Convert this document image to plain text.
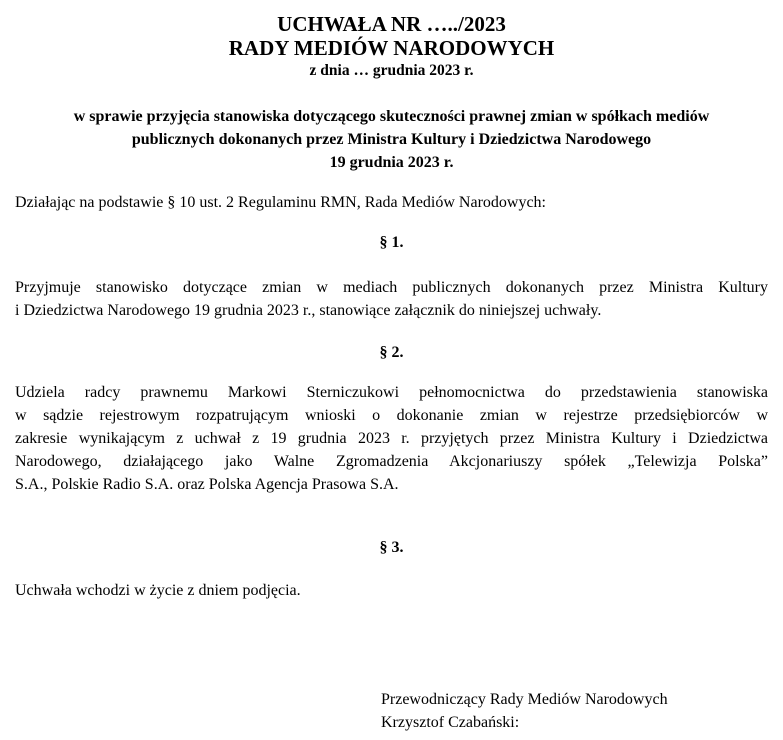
UCHWAŁA NR …../2023
RADY MEDIÓW NARODOWYCH
z dnia … grudnia 2023 r.
w sprawie przyjęcia stanowiska dotyczącego skuteczności prawnej zmian w spółkach mediów
publicznych dokonanych przez Ministra Kultury i Dziedzictwa Narodowego
19 grudnia 2023 r.
Działając na podstawie § 10 ust. 2 Regulaminu RMN, Rada Mediów Narodowych:
§ 1.
Przyjmuje stanowisko dotyczące zmian w mediach publicznych dokonanych przez Ministra Kultury
i Dziedzictwa Narodowego 19 grudnia 2023 r., stanowiące załącznik do niniejszej uchwały.
§ 2.
Udziela radcy prawnemu Markowi Sterniczukowi pełnomocnictwa do przedstawienia stanowiska
w sądzie rejestrowym rozpatrującym wnioski o dokonanie zmian w rejestrze przedsiębiorców w
zakresie wynikającym z uchwał z 19 grudnia 2023 r. przyjętych przez Ministra Kultury i Dziedzictwa
Narodowego, działającego jako Walne Zgromadzenia Akcjonariuszy spółek „Telewizja Polska”
S.A., Polskie Radio S.A. oraz Polska Agencja Prasowa S.A.
§ 3.
Uchwała wchodzi w życie z dniem podjęcia.
Przewodniczący Rady Mediów Narodowych
Krzysztof Czabański:
